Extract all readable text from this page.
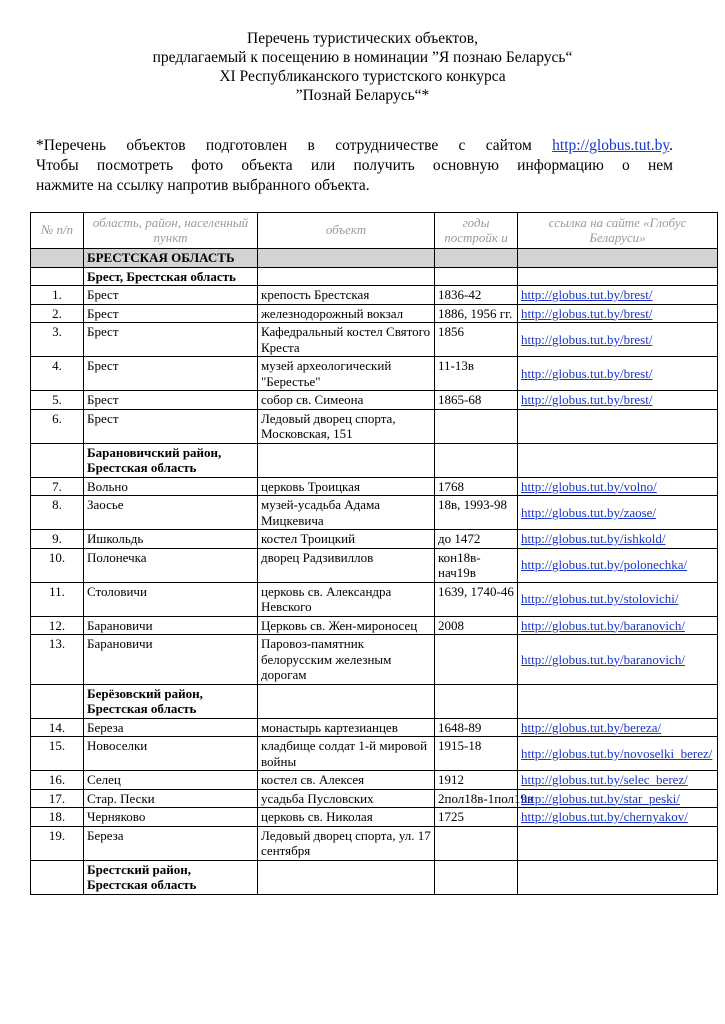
Перечень туристических объектов,
предлагаемый к посещению в номинации ”Я познаю Беларусь“
XI Республиканского туристского конкурса
”Познай Беларусь“*
*Перечень объектов подготовлен в сотрудничестве с сайтом http://globus.tut.by.
Чтобы посмотреть фото объекта или получить основную информацию о нем
нажмите на ссылку напротив выбранного объекта.
№ п/п	область, район, населенный пункт	объект	годы постройк и	ссылка на сайте «Глобус Беларуси»
	БРЕСТСКАЯ ОБЛАСТЬ			
	Брест, Брестская область			
1.	Брест	крепость Брестская	1836-42	http://globus.tut.by/brest/
2.	Брест	железнодорожный вокзал	1886, 1956 гг.	http://globus.tut.by/brest/
3.	Брест	Кафедральный костел Святого Креста	1856	http://globus.tut.by/brest/
4.	Брест	музей археологический "Берестье"	11-13в	http://globus.tut.by/brest/
5.	Брест	собор св. Симеона	1865-68	http://globus.tut.by/brest/
6.	Брест	Ледовый дворец спорта, Московская, 151		
	Барановичский район, Брестская область			
7.	Вольно	церковь Троицкая	1768	http://globus.tut.by/volno/
8.	Заосье	музей-усадьба Адама Мицкевича	18в, 1993-98	http://globus.tut.by/zaose/
9.	Ишкольдь	костел Троицкий	до 1472	http://globus.tut.by/ishkold/
10.	Полонечка	дворец Радзивиллов	кон18в-нач19в	http://globus.tut.by/polonechka/
11.	Столовичи	церковь св. Александра Невского	1639, 1740-46	http://globus.tut.by/stolovichi/
12.	Барановичи	Церковь св. Жен-мироносец	2008	http://globus.tut.by/baranovich/
13.	Барановичи	Паровоз-памятник белорусским железным дорогам		http://globus.tut.by/baranovich/
	Берёзовский район, Брестская область			
14.	Береза	монастырь картезианцев	1648-89	http://globus.tut.by/bereza/
15.	Новоселки	кладбище солдат 1-й мировой войны	1915-18	http://globus.tut.by/novoselki_berez/
16.	Селец	костел св. Алексея	1912	http://globus.tut.by/selec_berez/
17.	Стар. Пески	усадьба Пусловских	2пол18в-1пол19в	http://globus.tut.by/star_peski/
18.	Черняково	церковь св. Николая	1725	http://globus.tut.by/chernyakov/
19.	Береза	Ледовый дворец спорта, ул. 17 сентября		
	Брестский район, Брестская область			
